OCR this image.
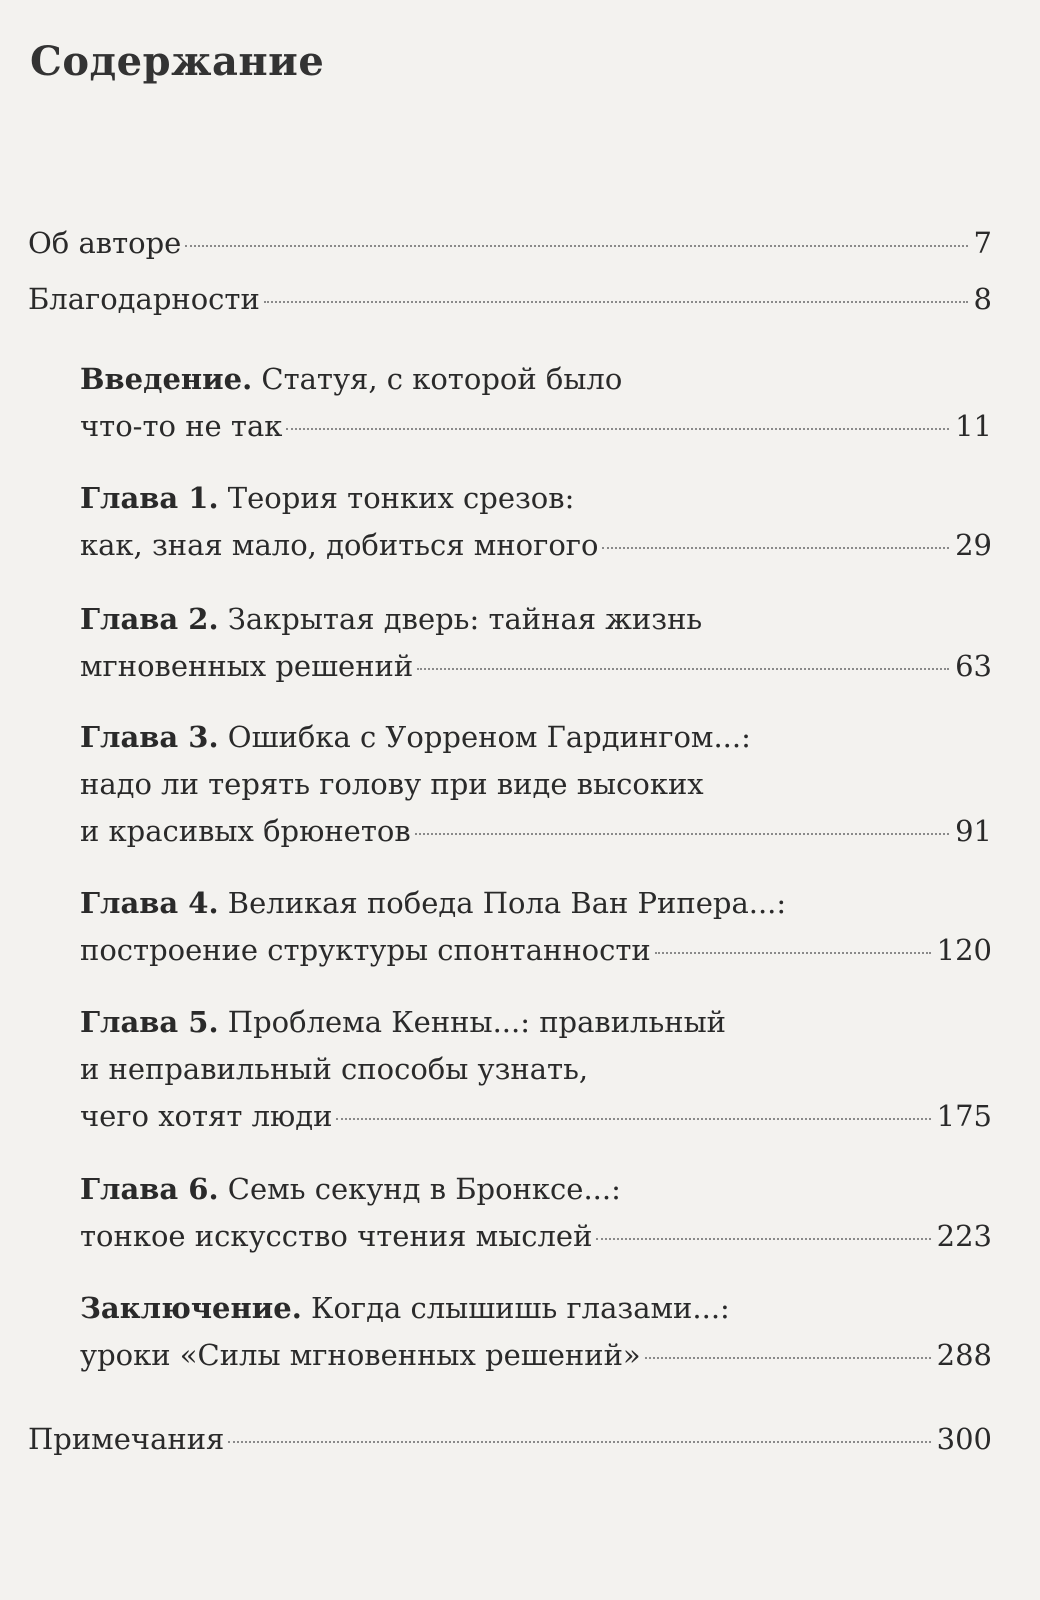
Содержание
Об авторе	7
Благодарности	8
Введение. Статуя, с которой было
что-то не так	11
Глава 1. Теория тонких срезов:
как, зная мало, добиться многого	29
Глава 2. Закрытая дверь: тайная жизнь
мгновенных решений	63
Глава 3. Ошибка с Уорреном Гардингом...:
надо ли терять голову при виде высоких
и красивых брюнетов	91
Глава 4. Великая победа Пола Ван Рипера...:
построение структуры спонтанности	120
Глава 5. Проблема Кенны...: правильный
и неправильный способы узнать,
чего хотят люди	175
Глава 6. Семь секунд в Бронксе...:
тонкое искусство чтения мыслей	223
Заключение. Когда слышишь глазами...:
уроки «Силы мгновенных решений»	288
Примечания	300
